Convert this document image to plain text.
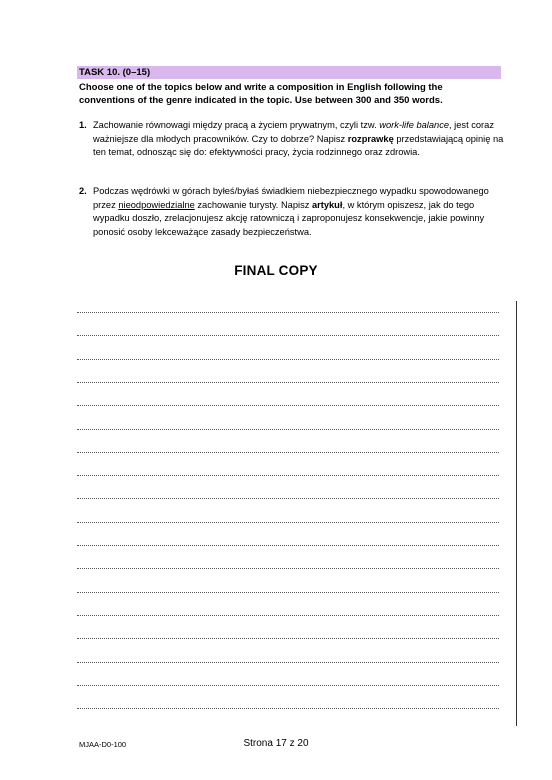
TASK 10. (0–15)
Choose one of the topics below and write a composition in English following the conventions of the genre indicated in the topic. Use between 300 and 350 words.
1. Zachowanie równowagi między pracą a życiem prywatnym, czyli tzw. work-life balance, jest coraz ważniejsze dla młodych pracowników. Czy to dobrze? Napisz rozprawkę przedstawiającą opinię na ten temat, odnosząc się do: efektywności pracy, życia rodzinnego oraz zdrowia.
2. Podczas wędrówki w górach byłeś/byłaś świadkiem niebezpiecznego wypadku spowodowanego przez nieodpowiedzialne zachowanie turysty. Napisz artykuł, w którym opiszesz, jak do tego wypadku doszło, zrelacjonujesz akcję ratowniczą i zaproponujesz konsekwencje, jakie powinny ponosić osoby lekceważące zasady bezpieczeństwa.
FINAL COPY
MJAA-D0-100	Strona 17 z 20
